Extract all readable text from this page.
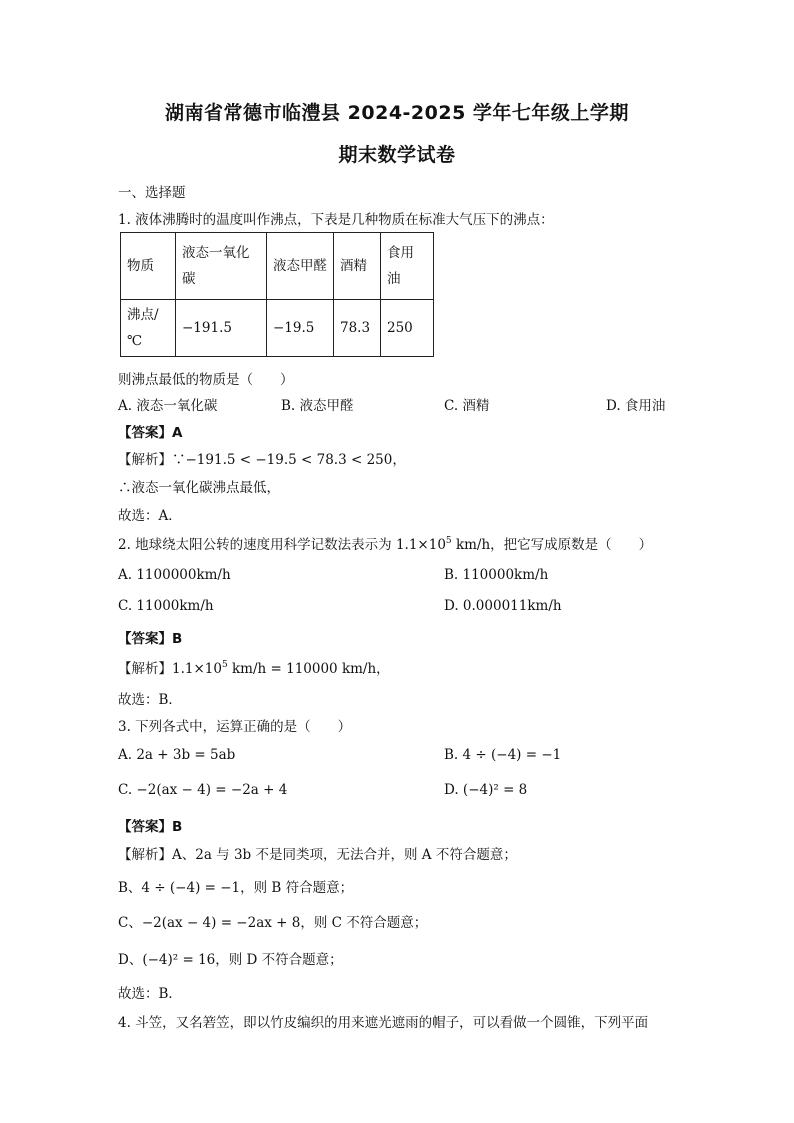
湖南省常德市临澧县 2024-2025 学年七年级上学期
期末数学试卷
一、选择题
1. 液体沸腾时的温度叫作沸点，下表是几种物质在标准大气压下的沸点：
物质	液态一氧化碳	液态甲醛	酒精	食用油
沸点/℃	−191.5	−19.5	78.3	250
则沸点最低的物质是（　　）
A. 液态一氧化碳	B. 液态甲醛	C. 酒精	D. 食用油
【答案】A
【解析】∵−191.5 < −19.5 < 78.3 < 250，
∴液态一氧化碳沸点最低，
故选：A．
2. 地球绕太阳公转的速度用科学记数法表示为 $1.1\times 10^5$ km/h，把它写成原数是（　　）
A. 1100000km/h	B. 110000km/h
C. 11000km/h	D. 0.000011km/h
【答案】B
【解析】$1.1\times 10^5$ km/h = 110000 km/h，
故选：B．
3. 下列各式中，运算正确的是（　　）
A. 2a + 3b = 5ab	B. 4 ÷ (−4) = −1
C. −2(ax − 4) = −2a + 4	D. (−4)² = 8
【答案】B
【解析】A、2a 与 3b 不是同类项，无法合并，则 A 不符合题意；
B、4 ÷ (−4) = −1，则 B 符合题意；
C、−2(ax − 4) = −2ax + 8，则 C 不符合题意；
D、(−4)² = 16，则 D 不符合题意；
故选：B．
4. 斗笠，又名箬笠，即以竹皮编织的用来遮光遮雨的帽子，可以看做一个圆锥，下列平面
